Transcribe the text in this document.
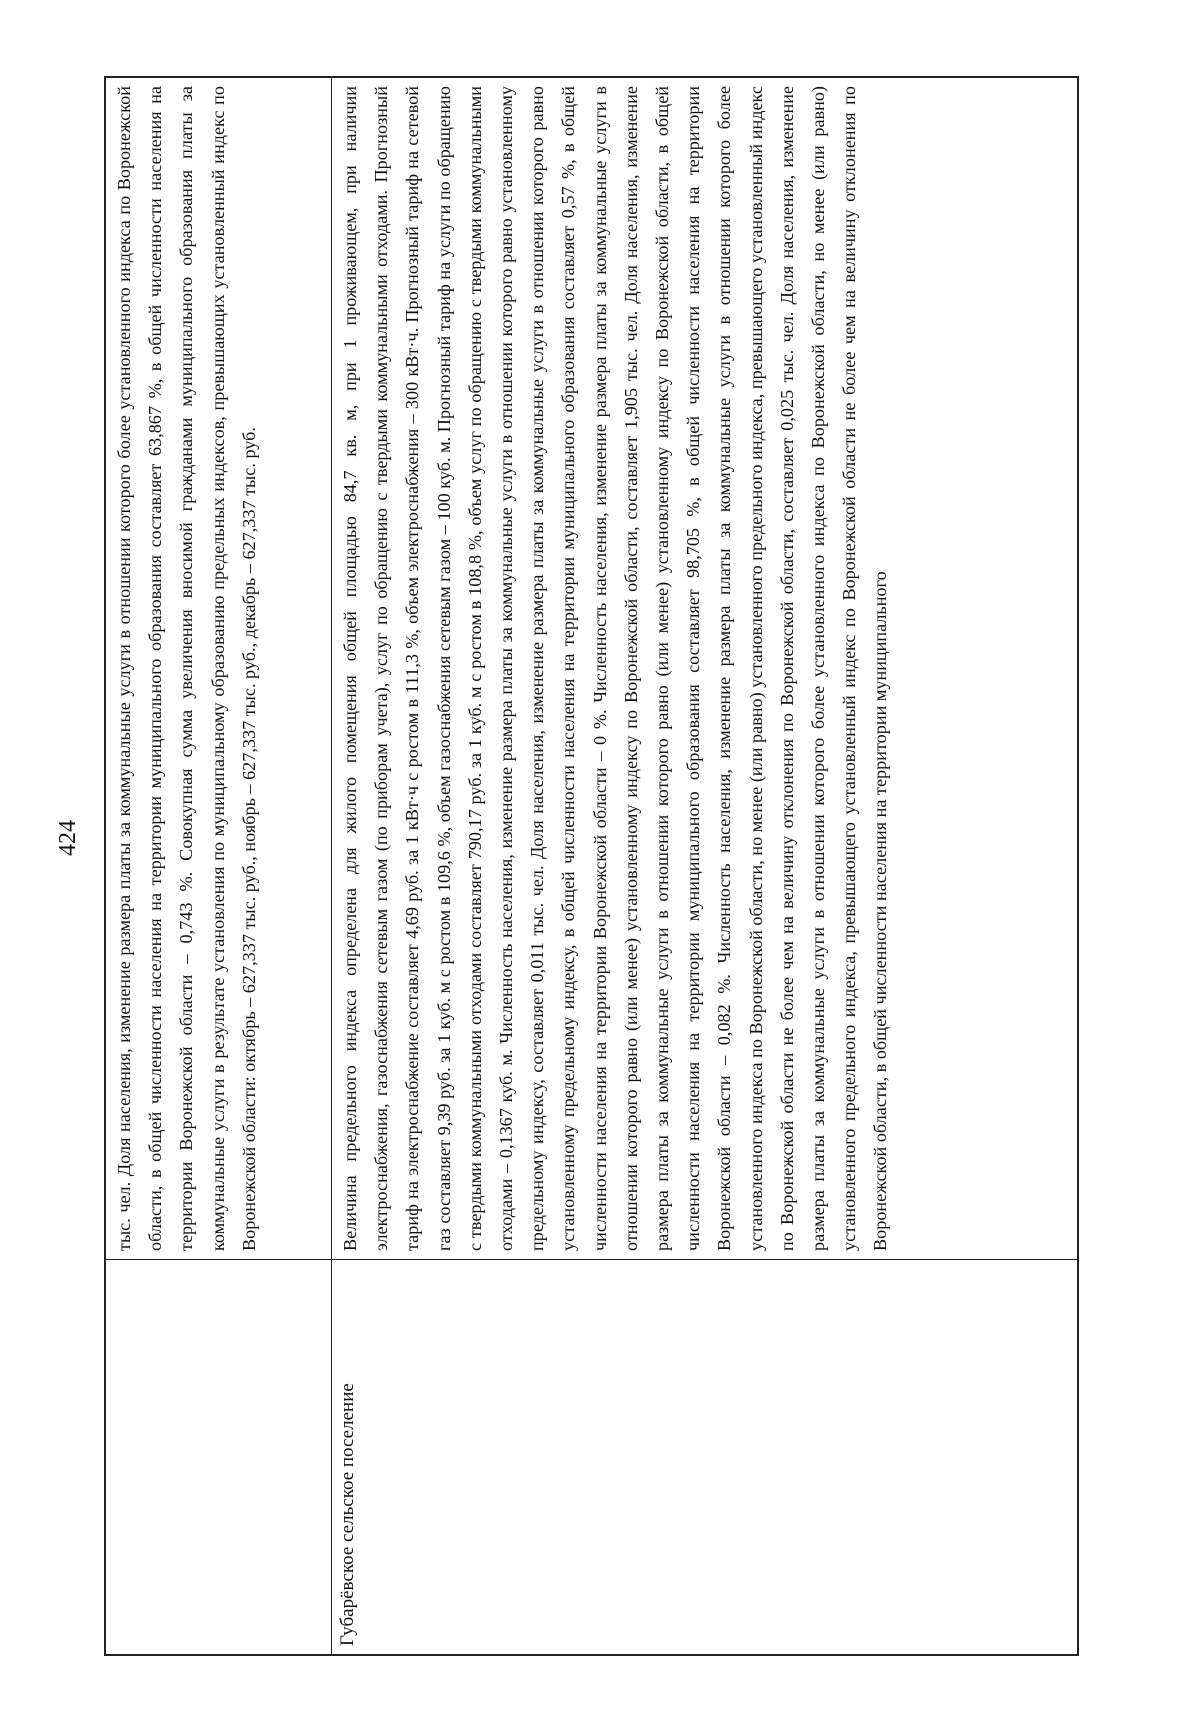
424	тыс. чел. Доля населения, изменение размера платы за коммунальные услуги в отношении которого более установленного индекса по Воронежской области, в общей численности населения на территории муниципального образования составляет 63,867 %, в общей численности населения на территории Воронежской области – 0,743 %. Совокупная сумма увеличения вносимой гражданами муниципального образования платы за коммунальные услуги в результате установления по муниципальному образованию предельных индексов, превышающих установленный индекс по Воронежской области: октябрь – 627,337 тыс. руб., ноябрь – 627,337 тыс. руб., декабрь – 627,337 тыс. руб.
Губарёвское сельское поселение
Величина предельного индекса определена для жилого помещения общей площадью 84,7 кв. м, при 1 проживающем, при наличии электроснабжения, газоснабжения сетевым газом (по приборам учета), услуг по обращению с твердыми коммунальными отходами. Прогнозный тариф на электроснабжение составляет 4,69 руб. за 1 кВт·ч с ростом в 111,3 %, объем электроснабжения – 300 кВт·ч. Прогнозный тариф на сетевой газ составляет 9,39 руб. за 1 куб. м с ростом в 109,6 %, объем газоснабжения сетевым газом – 100 куб. м. Прогнозный тариф на услуги по обращению с твердыми коммунальными отходами составляет 790,17 руб. за 1 куб. м с ростом в 108,8 %, объем услуг по обращению с твердыми коммунальными отходами – 0,1367 куб. м. Численность населения, изменение размера платы за коммунальные услуги в отношении которого равно установленному предельному индексу, составляет 0,011 тыс. чел. Доля населения, изменение размера платы за коммунальные услуги в отношении которого равно установленному предельному индексу, в общей численности населения на территории муниципального образования составляет 0,57 %, в общей численности населения на территории Воронежской области – 0 %. Численность населения, изменение размера платы за коммунальные услуги в отношении которого равно (или менее) установленному индексу по Воронежской области, составляет 1,905 тыс. чел. Доля населения, изменение размера платы за коммунальные услуги в отношении которого равно (или менее) установленному индексу по Воронежской области, в общей численности населения на территории муниципального образования составляет 98,705 %, в общей численности населения на территории Воронежской области – 0,082 %. Численность населения, изменение размера платы за коммунальные услуги в отношении которого более установленного индекса по Воронежской области, но менее (или равно) установленного предельного индекса, превышающего установленный индекс по Воронежской области не более чем на величину отклонения по Воронежской области, составляет 0,025 тыс. чел. Доля населения, изменение размера платы за коммунальные услуги в отношении которого более установленного индекса по Воронежской области, но менее (или равно) установленного предельного индекса, превышающего установленный индекс по Воронежской области не более чем на величину отклонения по Воронежской области, в общей численности населения на территории муниципального
